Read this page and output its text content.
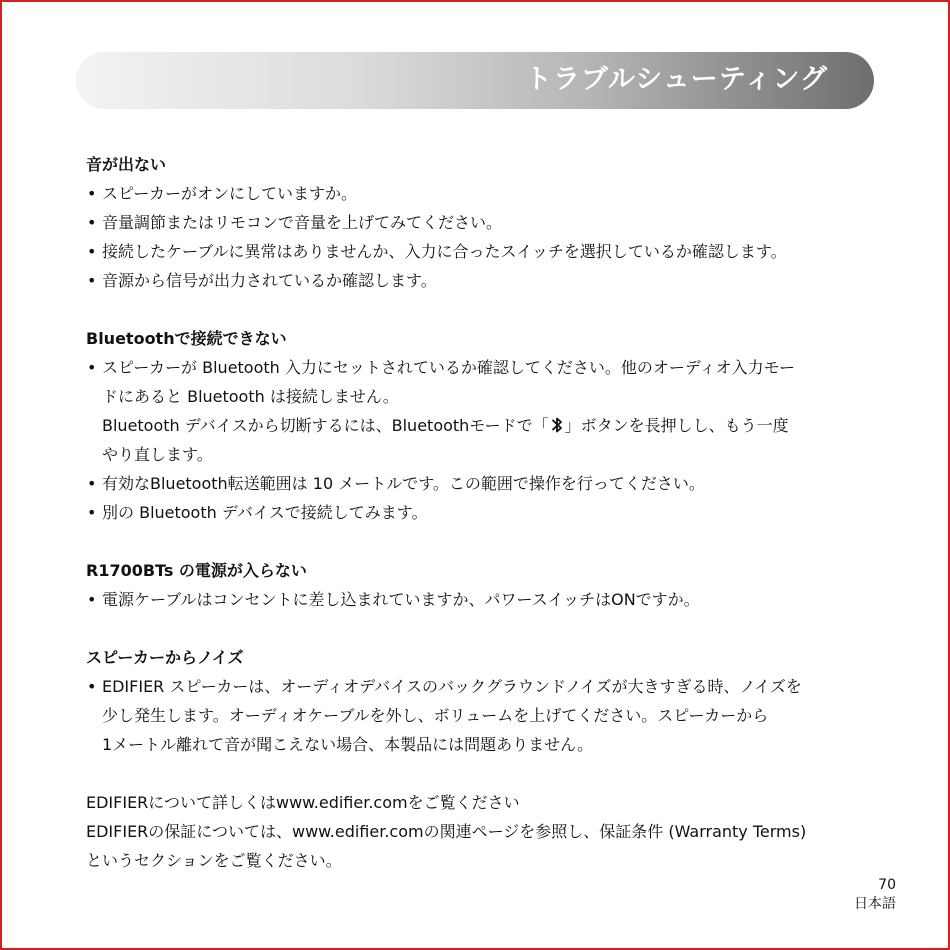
トラブルシューティング
音が出ない
• スピーカーがオンにしていますか。
• 音量調節またはリモコンで音量を上げてみてください。
• 接続したケーブルに異常はありませんか、入力に合ったスイッチを選択しているか確認します。
• 音源から信号が出力されているか確認します。
Bluetoothで接続できない
• スピーカーが Bluetooth 入力にセットされているか確認してください。他のオーディオ入力モー
ドにあると Bluetooth は接続しません。
Bluetooth デバイスから切断するには、Bluetoothモードで「 」ボタンを長押しし、もう一度
やり直します。
• 有効なBluetooth転送範囲は 10 メートルです。この範囲で操作を行ってください。
• 別の Bluetooth デバイスで接続してみます。
R1700BTs の電源が入らない
• 電源ケーブルはコンセントに差し込まれていますか、パワースイッチはONですか。
スピーカーからノイズ
• EDIFIER スピーカーは、オーディオデバイスのバックグラウンドノイズが大きすぎる時、ノイズを
少し発生します。オーディオケーブルを外し、ボリュームを上げてください。スピーカーから
1メートル離れて音が聞こえない場合、本製品には問題ありません。
EDIFIERについて詳しくはwww.edifier.comをご覧ください
EDIFIERの保証については、www.edifier.comの関連ページを参照し、保証条件 (Warranty Terms)
というセクションをご覧ください。
70
日本語
